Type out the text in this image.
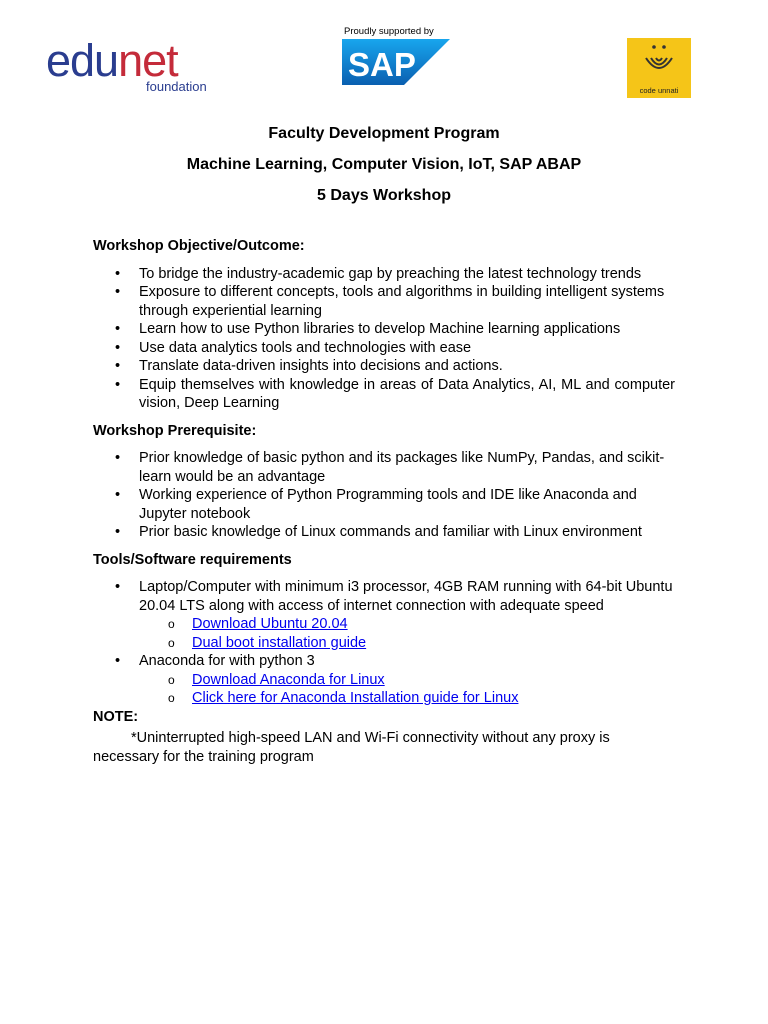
edunet
foundation
Proudly supported by
SAP
code unnati
Faculty Development Program
Machine Learning, Computer Vision, IoT, SAP ABAP
5 Days Workshop

Workshop Objective/Outcome:

• To bridge the industry-academic gap by preaching the latest technology trends
• Exposure to different concepts, tools and algorithms in building intelligent systems through experiential learning
• Learn how to use Python libraries to develop Machine learning applications
• Use data analytics tools and technologies with ease
• Translate data-driven insights into decisions and actions.
• Equip themselves with knowledge in areas of Data Analytics, AI, ML and computer vision, Deep Learning

Workshop Prerequisite:

• Prior knowledge of basic python and its packages like NumPy, Pandas, and scikit-learn would be an advantage
• Working experience of Python Programming tools and IDE like Anaconda and Jupyter notebook
• Prior basic knowledge of Linux commands and familiar with Linux environment

Tools/Software requirements

• Laptop/Computer with minimum i3 processor, 4GB RAM running with 64-bit Ubuntu 20.04 LTS along with access of internet connection with adequate speed
o Download Ubuntu 20.04
o Dual boot installation guide
• Anaconda for with python 3
o Download Anaconda for Linux
o Click here for Anaconda Installation guide for Linux
NOTE:
*Uninterrupted high-speed LAN and Wi-Fi connectivity without any proxy is necessary for the training program
